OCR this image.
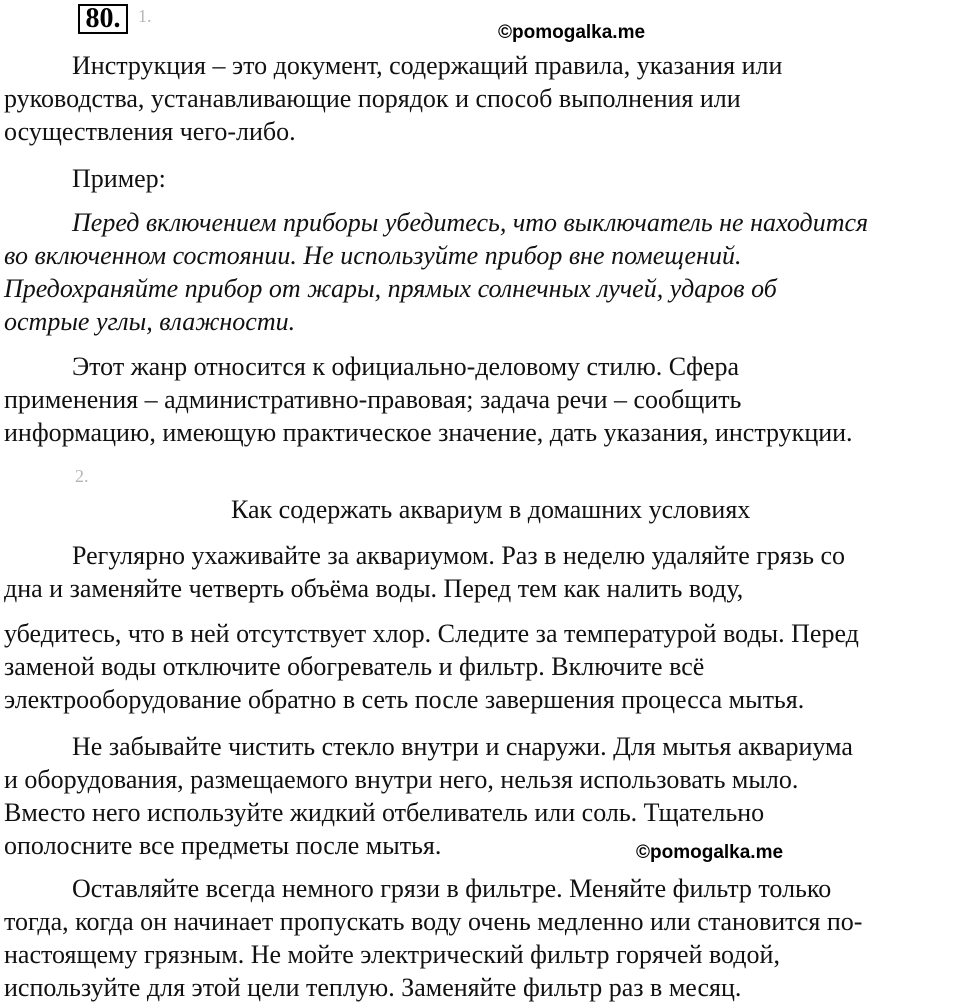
80. 1.
©pomogalka.me
Инструкция – это документ, содержащий правила, указания или
руководства, устанавливающие порядок и способ выполнения или
осуществления чего-либо.
Пример:
Перед включением приборы убедитесь, что выключатель не находится
во включенном состоянии. Не используйте прибор вне помещений.
Предохраняйте прибор от жары, прямых солнечных лучей, ударов об
острые углы, влажности.
Этот жанр относится к официально-деловому стилю. Сфера
применения – административно-правовая; задача речи – сообщить
информацию, имеющую практическое значение, дать указания, инструкции.
2.
Как содержать аквариум в домашних условиях
Регулярно ухаживайте за аквариумом. Раз в неделю удаляйте грязь со
дна и заменяйте четверть объёма воды. Перед тем как налить воду,
убедитесь, что в ней отсутствует хлор. Следите за температурой воды. Перед
заменой воды отключите обогреватель и фильтр. Включите всё
электрооборудование обратно в сеть после завершения процесса мытья.
Не забывайте чистить стекло внутри и снаружи. Для мытья аквариума
и оборудования, размещаемого внутри него, нельзя использовать мыло.
Вместо него используйте жидкий отбеливатель или соль. Тщательно
ополосните все предметы после мытья.	©pomogalka.me
Оставляйте всегда немного грязи в фильтре. Меняйте фильтр только
тогда, когда он начинает пропускать воду очень медленно или становится по-
настоящему грязным. Не мойте электрический фильтр горячей водой,
используйте для этой цели теплую. Заменяйте фильтр раз в месяц.
